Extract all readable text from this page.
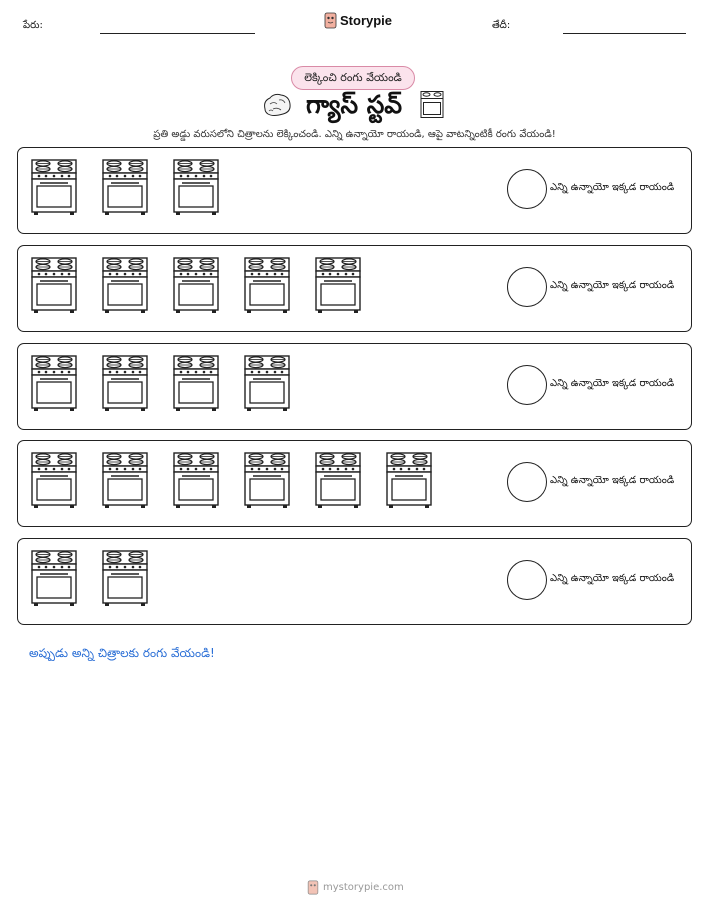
పేరు:	Storypie	తేదీ:
లెక్కించి రంగు వేయండి
గ్యాస్ స్టవ్
ప్రతి అడ్డు వరుసలోని చిత్రాలను లెక్కించండి. ఎన్ని ఉన్నాయో రాయండి, ఆపై వాటన్నింటికీ రంగు వేయండి!
ఎన్ని ఉన్నాయో ఇక్కడ రాయండి
ఎన్ని ఉన్నాయో ఇక్కడ రాయండి
ఎన్ని ఉన్నాయో ఇక్కడ రాయండి
ఎన్ని ఉన్నాయో ఇక్కడ రాయండి
ఎన్ని ఉన్నాయో ఇక్కడ రాయండి
అప్పుడు అన్ని చిత్రాలకు రంగు వేయండి!
mystorypie.com
